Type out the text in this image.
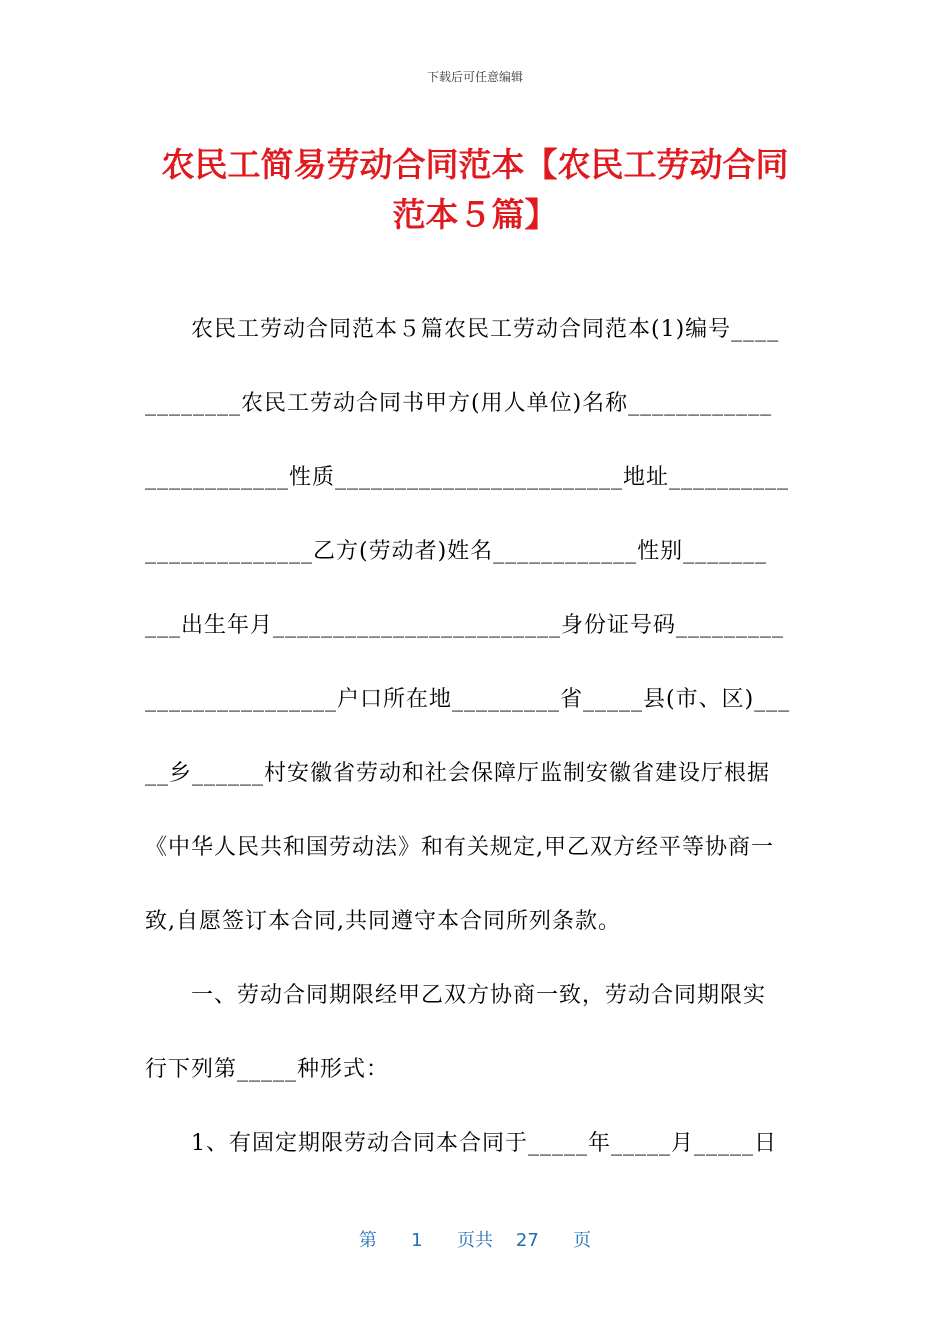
下载后可任意编辑
农民工简易劳动合同范本【农民工劳动合同
范本５篇】
农民工劳动合同范本５篇农民工劳动合同范本(1)编号____
________农民工劳动合同书甲方(用人单位)名称____________
____________性质________________________地址__________
______________乙方(劳动者)姓名____________性别_______
___出生年月________________________身份证号码_________
________________户口所在地_________省_____县(市、区)___
__乡______村安徽省劳动和社会保障厅监制安徽省建设厅根据
《中华人民共和国劳动法》和有关规定,甲乙双方经平等协商一
致,自愿签订本合同,共同遵守本合同所列条款。
一、劳动合同期限经甲乙双方协商一致，劳动合同期限实
行下列第_____种形式：
1、有固定期限劳动合同本合同于_____年_____月_____日
第 1 页共 27 页
